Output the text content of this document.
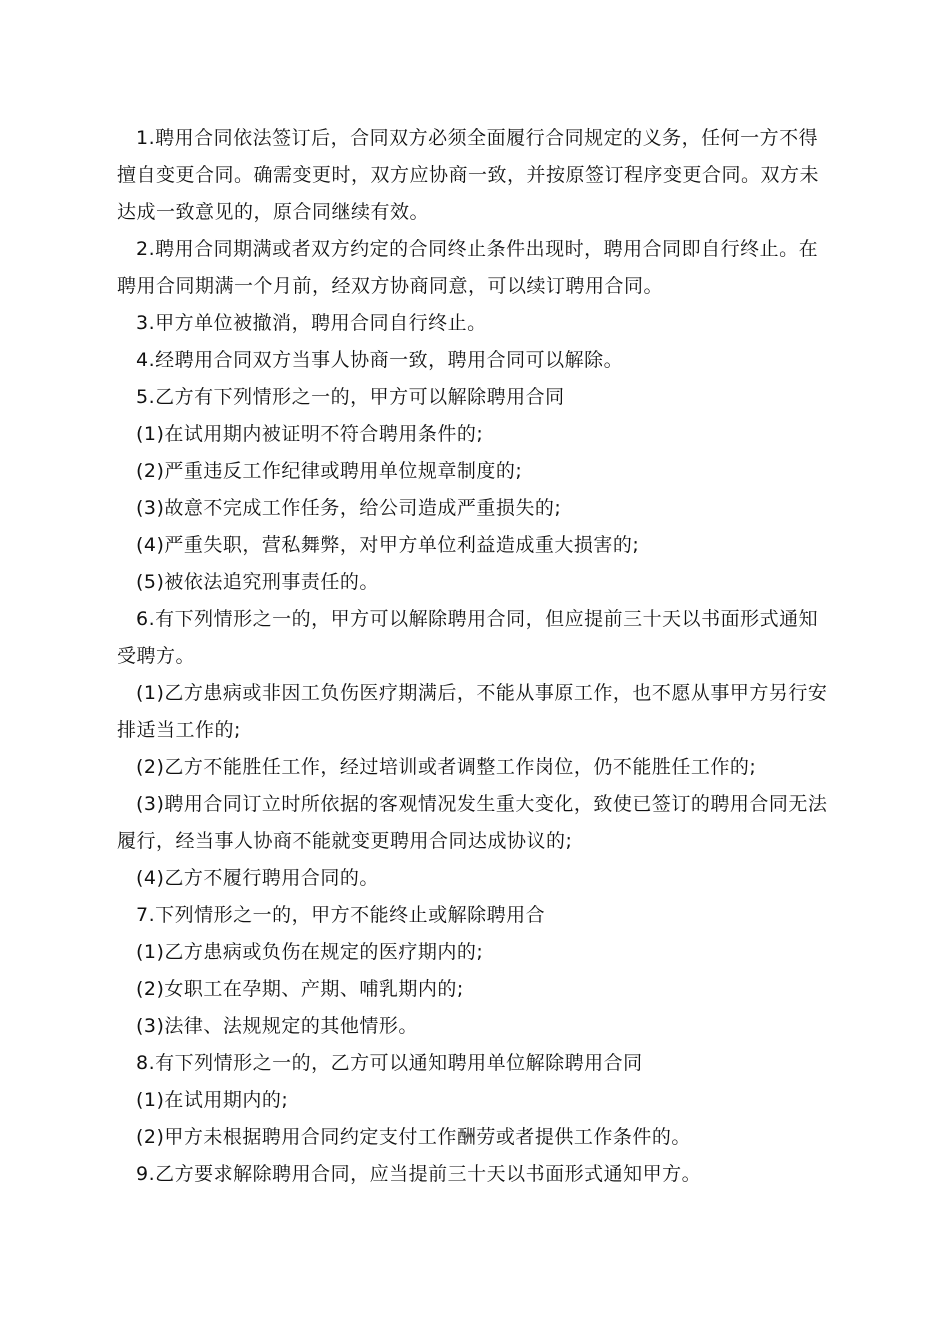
1.聘用合同依法签订后，合同双方必须全面履行合同规定的义务，任何一方不得擅自变更合同。确需变更时，双方应协商一致，并按原签订程序变更合同。双方未达成一致意见的，原合同继续有效。

2.聘用合同期满或者双方约定的合同终止条件出现时，聘用合同即自行终止。在聘用合同期满一个月前，经双方协商同意，可以续订聘用合同。

3.甲方单位被撤消，聘用合同自行终止。

4.经聘用合同双方当事人协商一致，聘用合同可以解除。

5.乙方有下列情形之一的，甲方可以解除聘用合同

(1)在试用期内被证明不符合聘用条件的;

(2)严重违反工作纪律或聘用单位规章制度的;

(3)故意不完成工作任务，给公司造成严重损失的;

(4)严重失职，营私舞弊，对甲方单位利益造成重大损害的;

(5)被依法追究刑事责任的。

6.有下列情形之一的，甲方可以解除聘用合同，但应提前三十天以书面形式通知受聘方。

(1)乙方患病或非因工负伤医疗期满后，不能从事原工作，也不愿从事甲方另行安排适当工作的;

(2)乙方不能胜任工作，经过培训或者调整工作岗位，仍不能胜任工作的;

(3)聘用合同订立时所依据的客观情况发生重大变化，致使已签订的聘用合同无法履行，经当事人协商不能就变更聘用合同达成协议的;

(4)乙方不履行聘用合同的。

7.下列情形之一的，甲方不能终止或解除聘用合

(1)乙方患病或负伤在规定的医疗期内的;

(2)女职工在孕期、产期、哺乳期内的;

(3)法律、法规规定的其他情形。

8.有下列情形之一的，乙方可以通知聘用单位解除聘用合同

(1)在试用期内的;

(2)甲方未根据聘用合同约定支付工作酬劳或者提供工作条件的。

9.乙方要求解除聘用合同，应当提前三十天以书面形式通知甲方。
